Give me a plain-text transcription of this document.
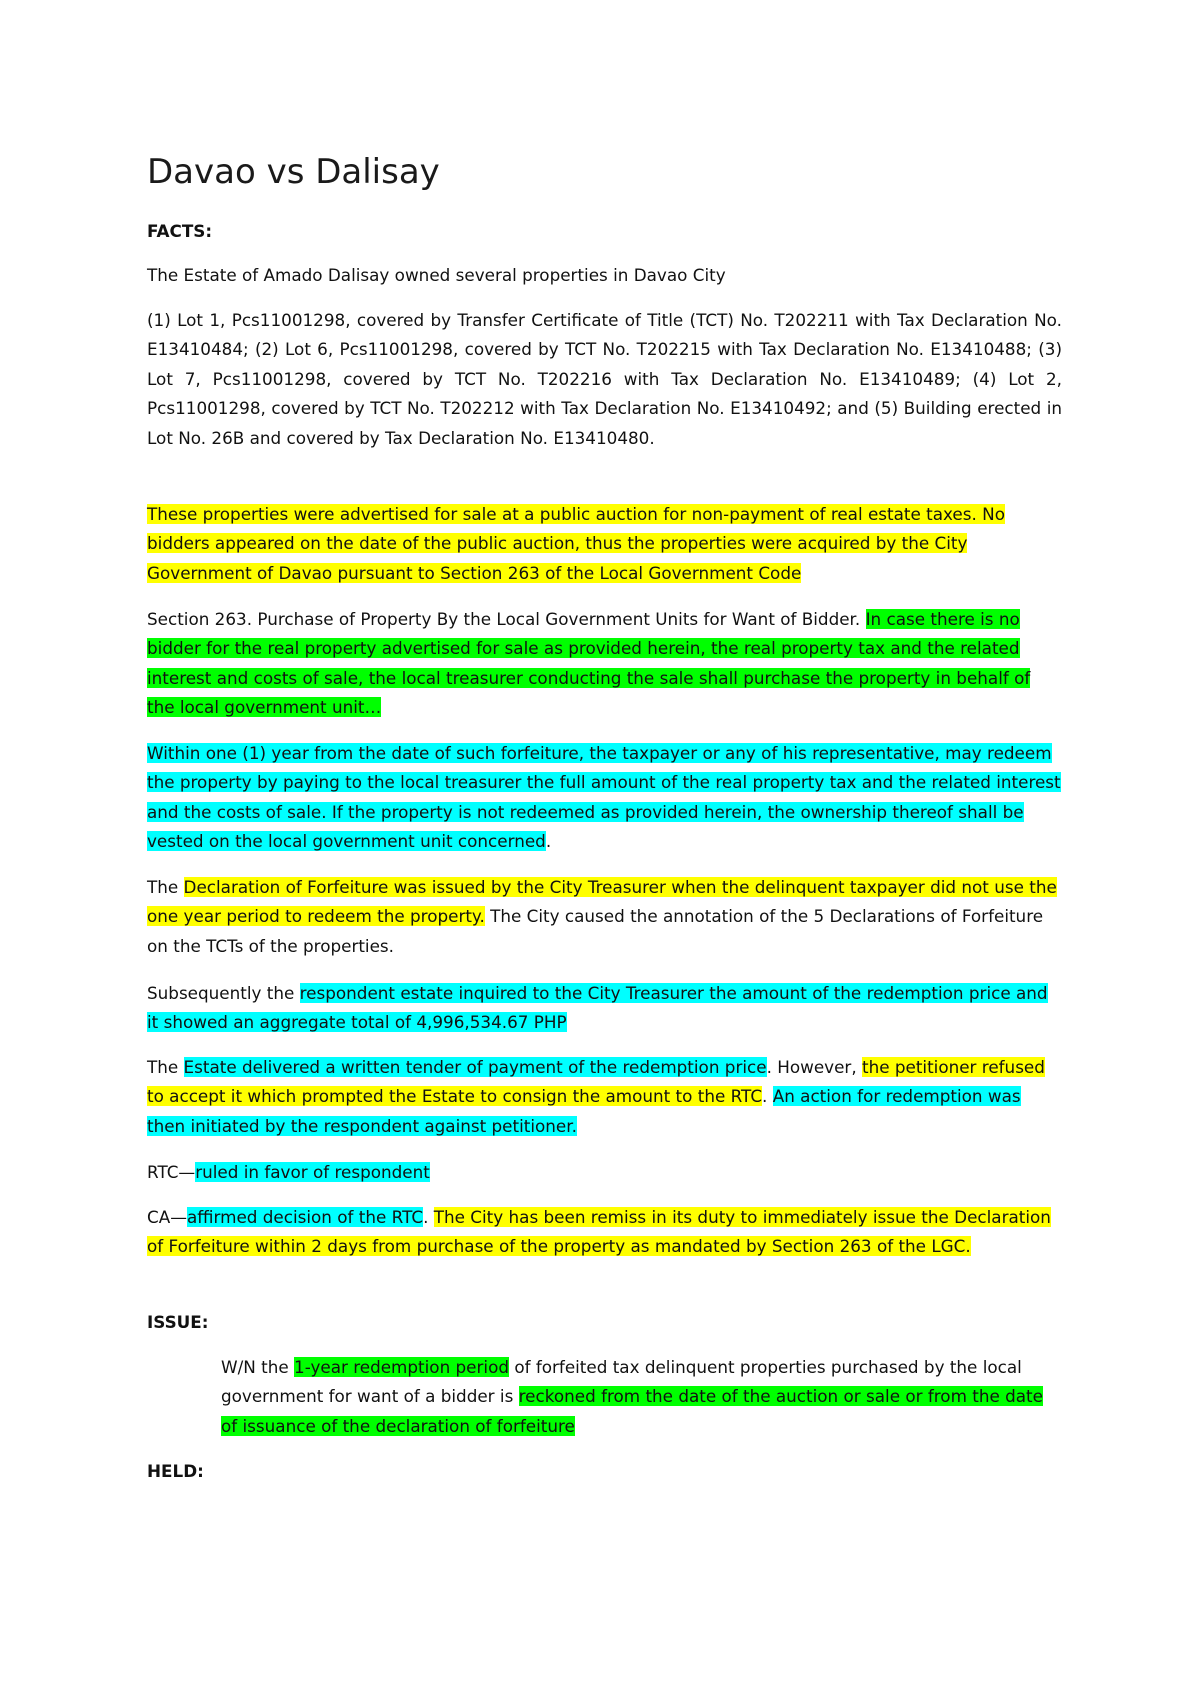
Davao vs Dalisay
FACTS:

The Estate of Amado Dalisay owned several properties in Davao City

(1) Lot 1, Pcs11001298, covered by Transfer Certificate of Title (TCT) No. T202211 with Tax Declaration No. E13410484; (2) Lot 6, Pcs11001298, covered by TCT No. T202215 with Tax Declaration No. E13410488; (3) Lot 7, Pcs11001298, covered by TCT No. T202216 with Tax Declaration No. E13410489; (4) Lot 2, Pcs11001298, covered by TCT No. T202212 with Tax Declaration No. E13410492; and (5) Building erected in Lot No. 26B and covered by Tax Declaration No. E13410480.

These properties were advertised for sale at a public auction for non-payment of real estate taxes. No bidders appeared on the date of the public auction, thus the properties were acquired by the City Government of Davao pursuant to Section 263 of the Local Government Code

Section 263. Purchase of Property By the Local Government Units for Want of Bidder. In case there is no bidder for the real property advertised for sale as provided herein, the real property tax and the related interest and costs of sale, the local treasurer conducting the sale shall purchase the property in behalf of the local government unit…

Within one (1) year from the date of such forfeiture, the taxpayer or any of his representative, may redeem the property by paying to the local treasurer the full amount of the real property tax and the related interest and the costs of sale. If the property is not redeemed as provided herein, the ownership thereof shall be vested on the local government unit concerned.

The Declaration of Forfeiture was issued by the City Treasurer when the delinquent taxpayer did not use the one year period to redeem the property. The City caused the annotation of the 5 Declarations of Forfeiture on the TCTs of the properties.

Subsequently the respondent estate inquired to the City Treasurer the amount of the redemption price and it showed an aggregate total of 4,996,534.67 PHP

The Estate delivered a written tender of payment of the redemption price. However, the petitioner refused to accept it which prompted the Estate to consign the amount to the RTC. An action for redemption was then initiated by the respondent against petitioner.

RTC—ruled in favor of respondent

CA—affirmed decision of the RTC. The City has been remiss in its duty to immediately issue the Declaration of Forfeiture within 2 days from purchase of the property as mandated by Section 263 of the LGC.

ISSUE:

W/N the 1-year redemption period of forfeited tax delinquent properties purchased by the local government for want of a bidder is reckoned from the date of the auction or sale or from the date of issuance of the declaration of forfeiture

HELD:
